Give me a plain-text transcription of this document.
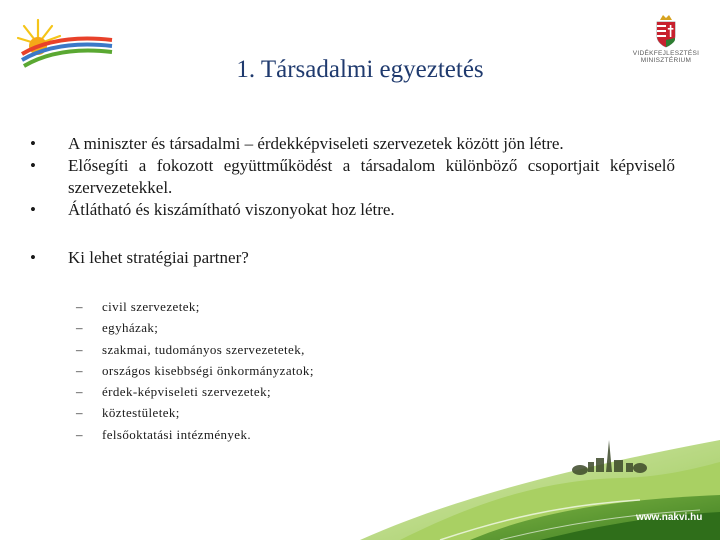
VIDÉKFEJLESZTÉSI
MINISZTÉRIUM
1. Társadalmi egyeztetés
• A miniszter és társadalmi – érdekképviseleti szervezetek között jön létre.
• Elősegíti a fokozott együttműködést a társadalom különböző csoportjait képviselő szervezetekkel.
• Átlátható és kiszámítható viszonyokat hoz létre.
• Ki lehet stratégiai partner?
– civil szervezetek;
– egyházak;
– szakmai, tudományos szervezetetek,
– országos kisebbségi önkormányzatok;
– érdek-képviseleti szervezetek;
– köztestületek;
– felsőoktatási intézmények.
www.nakvi.hu
